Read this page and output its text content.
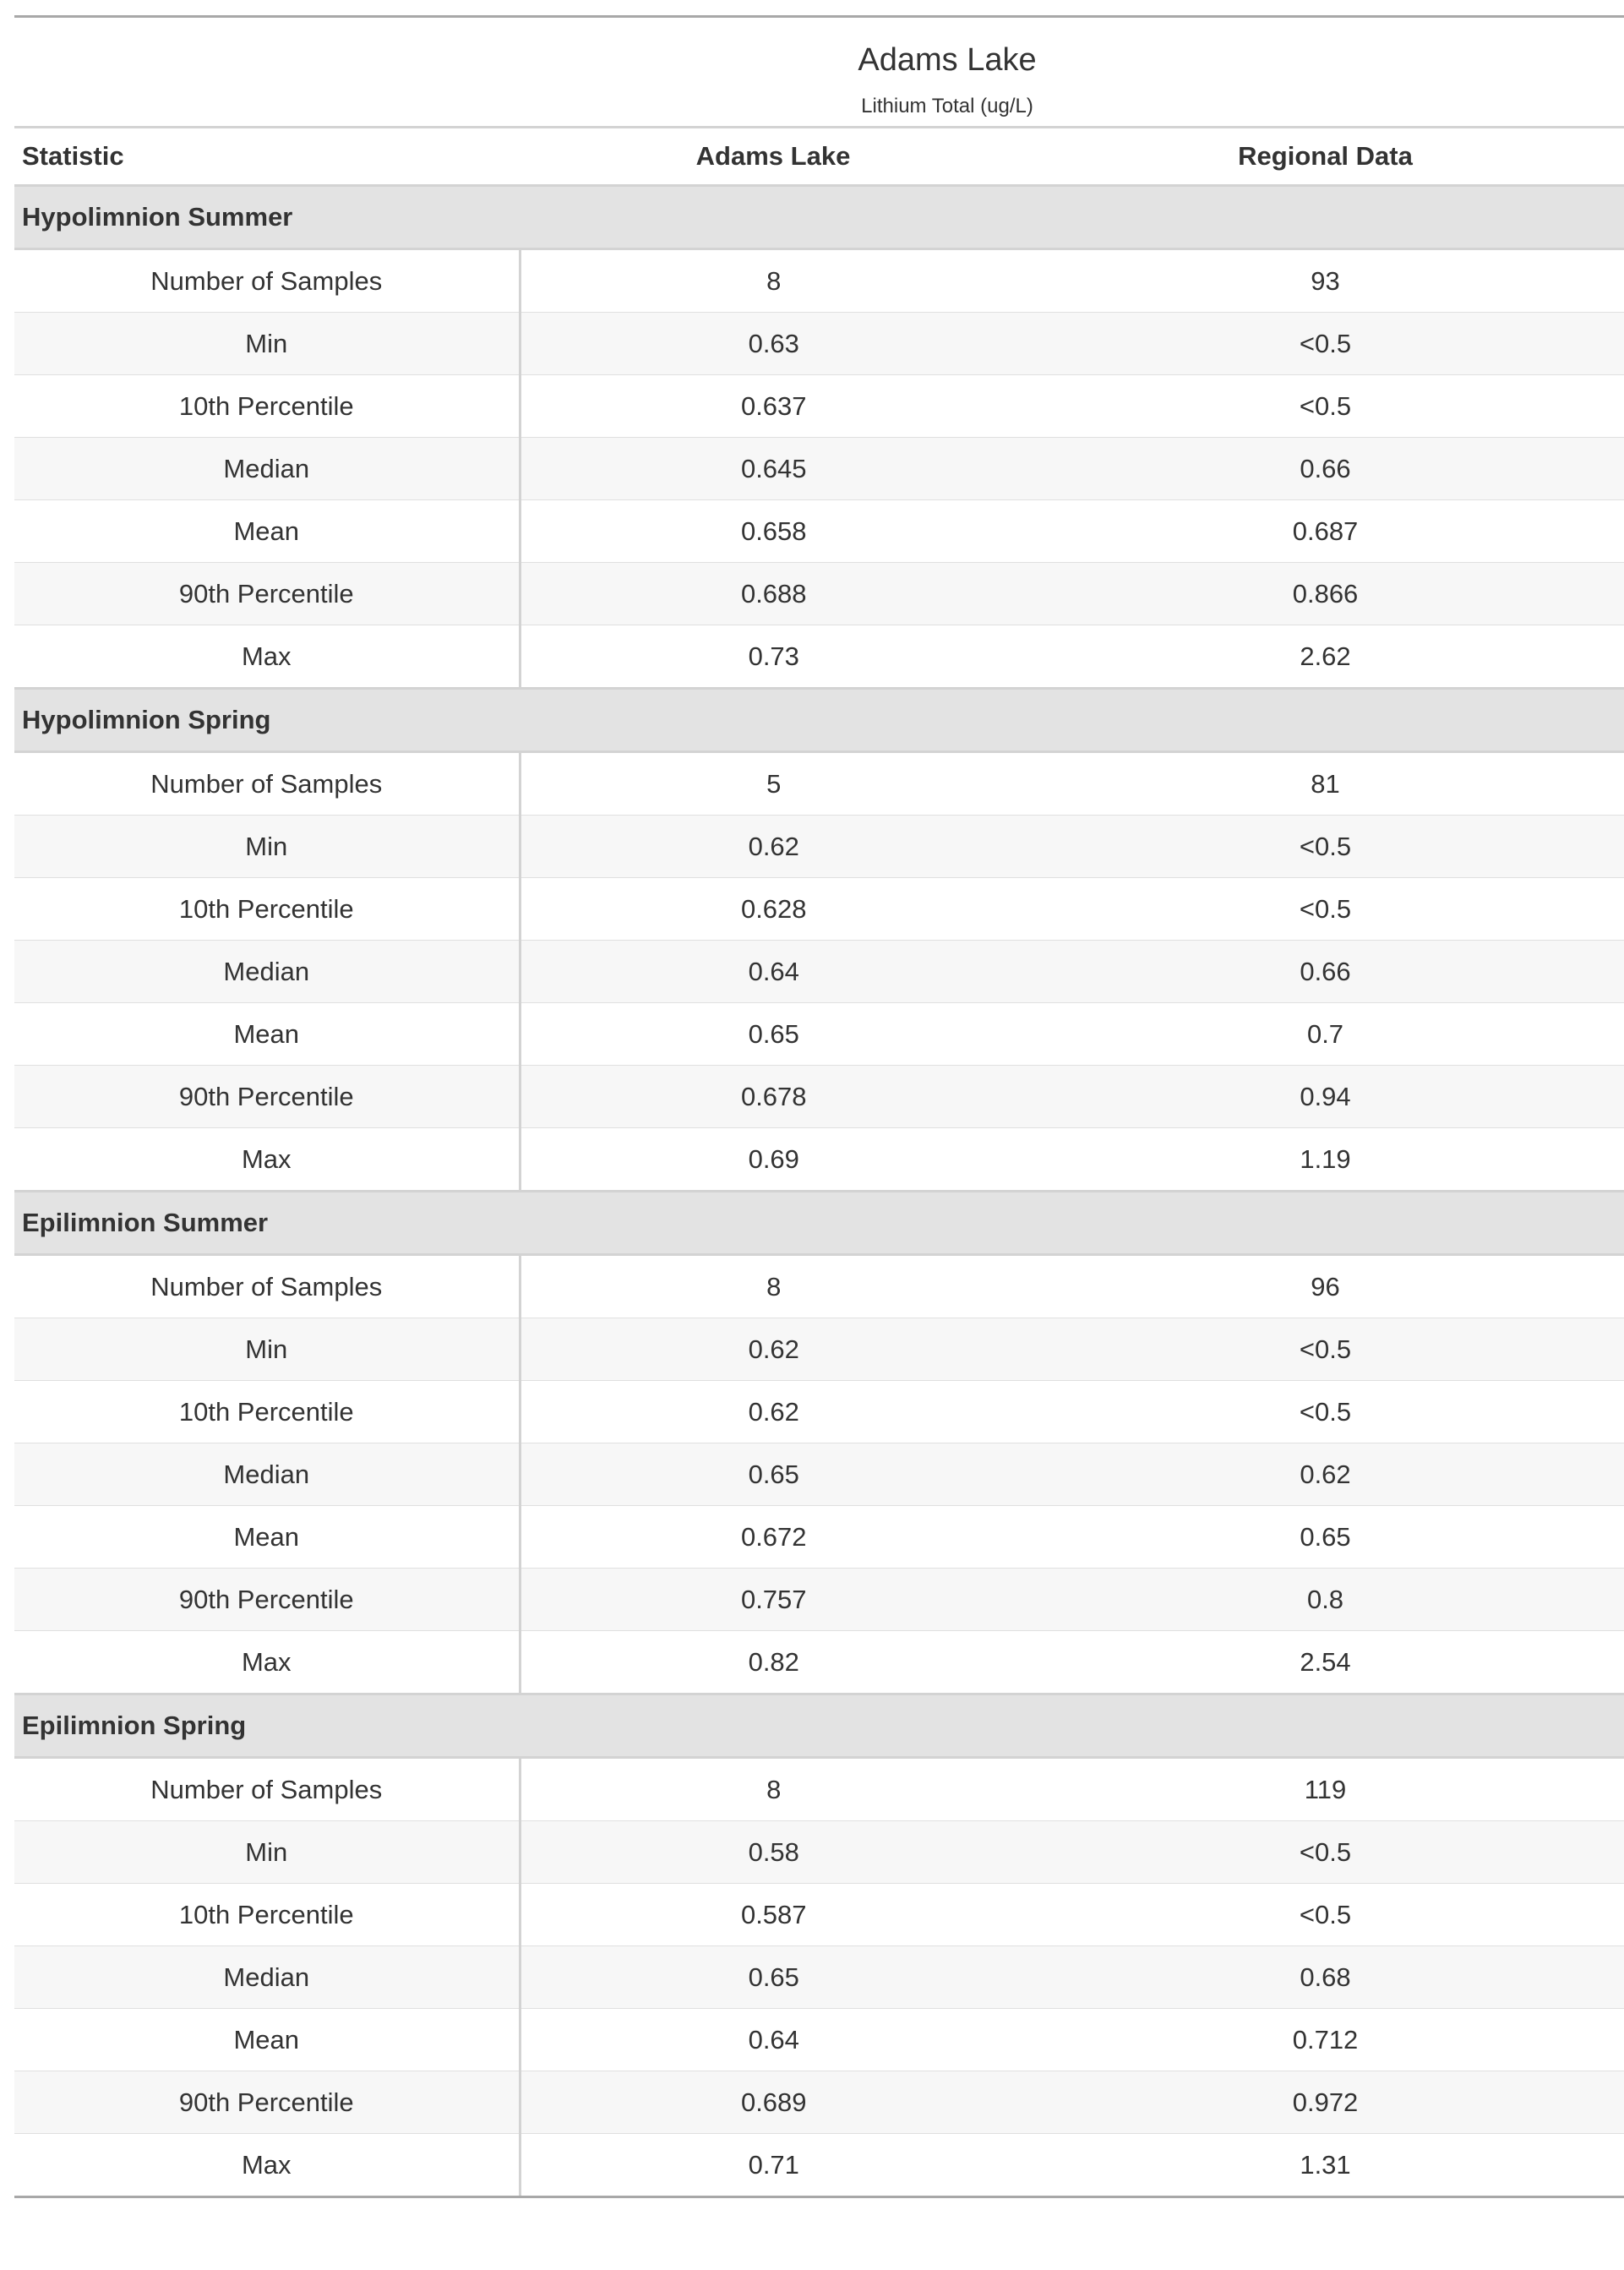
Adams Lake
Lithium Total (ug/L)		

Statistic	Adams Lake	Regional Data
Hypolimnion Summer		
Number of Samples	8	93
Min	0.63	<0.5
10th Percentile	0.637	<0.5
Median	0.645	0.66
Mean	0.658	0.687
90th Percentile	0.688	0.866
Max	0.73	2.62
Hypolimnion Spring		
Number of Samples	5	81
Min	0.62	<0.5
10th Percentile	0.628	<0.5
Median	0.64	0.66
Mean	0.65	0.7
90th Percentile	0.678	0.94
Max	0.69	1.19
Epilimnion Summer		
Number of Samples	8	96
Min	0.62	<0.5
10th Percentile	0.62	<0.5
Median	0.65	0.62
Mean	0.672	0.65
90th Percentile	0.757	0.8
Max	0.82	2.54
Epilimnion Spring		
Number of Samples	8	119
Min	0.58	<0.5
10th Percentile	0.587	<0.5
Median	0.65	0.68
Mean	0.64	0.712
90th Percentile	0.689	0.972
Max	0.71	1.31
